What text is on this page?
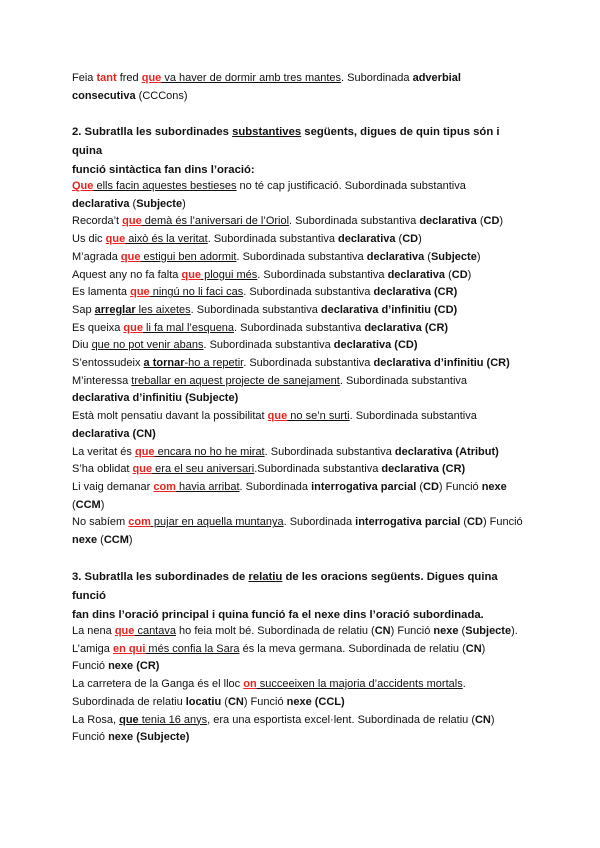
Feia tant fred que va haver de dormir amb tres mantes. Subordinada adverbial
consecutiva (CCCons)
2. Subratlla les subordinades substantives següents, digues de quin tipus són i quina
funció sintàctica fan dins l’oració:
Que ells facin aquestes bestieses no té cap justificació. Subordinada substantiva
declarativa (Subjecte)
Recorda’t que demà és l’aniversari de l’Oriol. Subordinada substantiva declarativa (CD)
Us dic que això és la veritat. Subordinada substantiva declarativa (CD)
M’agrada que estigui ben adormit. Subordinada substantiva declarativa (Subjecte)
Aquest any no fa falta que plogui més. Subordinada substantiva declarativa (CD)
Es lamenta que ningú no li faci cas. Subordinada substantiva declarativa (CR)
Sap arreglar les aixetes. Subordinada substantiva declarativa d’infinitiu (CD)
Es queixa que li fa mal l’esquena. Subordinada substantiva declarativa (CR)
Diu que no pot venir abans. Subordinada substantiva declarativa (CD)
S’entossudeix a tornar-ho a repetir. Subordinada substantiva declarativa d’infinitiu (CR)
M’interessa treballar en aquest projecte de sanejament. Subordinada substantiva
declarativa d’infinitiu (Subjecte)
Està molt pensatiu davant la possibilitat que no se’n surti. Subordinada substantiva
declarativa (CN)
La veritat és que encara no ho he mirat. Subordinada substantiva declarativa (Atribut)
S’ha oblidat que era el seu aniversari.Subordinada substantiva declarativa (CR)
Li vaig demanar com havia arribat. Subordinada interrogativa parcial (CD) Funció nexe
(CCM)
No sabíem com pujar en aquella muntanya. Subordinada interrogativa parcial (CD) Funció
nexe (CCM)
3. Subratlla les subordinades de relatiu de les oracions següents. Digues quina funció
fan dins l’oració principal i quina funció fa el nexe dins l’oració subordinada.
La nena que cantava ho feia molt bé. Subordinada de relatiu (CN) Funció nexe (Subjecte).
L’amiga en qui més confia la Sara és la meva germana. Subordinada de relatiu (CN)
Funció nexe (CR)
La carretera de la Ganga és el lloc on succeeixen la majoria d’accidents mortals.
Subordinada de relatiu locatiu (CN) Funció nexe (CCL)
La Rosa, que tenia 16 anys, era una esportista excel·lent. Subordinada de relatiu (CN)
Funció nexe (Subjecte)
